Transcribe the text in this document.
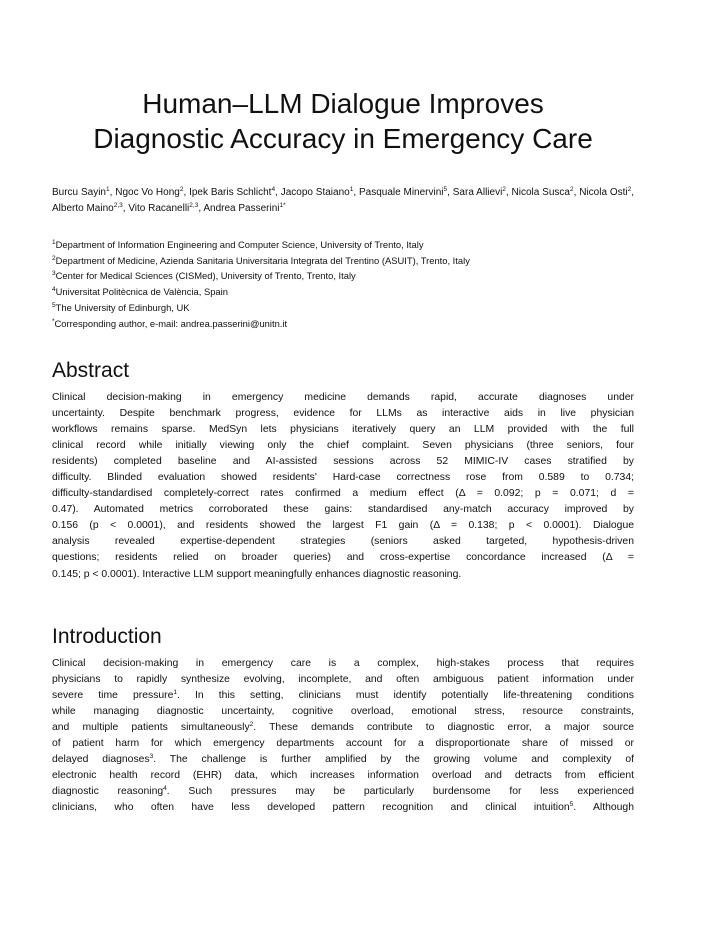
Human–LLM Dialogue Improves
Diagnostic Accuracy in Emergency Care
Burcu Sayin$^1$, Ngoc Vo Hong$^2$, Ipek Baris Schlicht$^4$, Jacopo Staiano$^1$, Pasquale Minervini$^5$, Sara Allievi$^2$, Nicola Susca$^2$, Nicola Osti$^2$, Alberto Maino$^{2,3}$, Vito Racanelli$^{2,3}$, Andrea Passerini$^{1*}$
$^1$Department of Information Engineering and Computer Science, University of Trento, Italy
$^2$Department of Medicine, Azienda Sanitaria Universitaria Integrata del Trentino (ASUIT), Trento, Italy
$^3$Center for Medical Sciences (CISMed), University of Trento, Trento, Italy
$^4$Universitat Politècnica de València, Spain
$^5$The University of Edinburgh, UK
*Corresponding author, e-mail: andrea.passerini@unitn.it
Abstract
Clinical decision-making in emergency medicine demands rapid, accurate diagnoses under
uncertainty. Despite benchmark progress, evidence for LLMs as interactive aids in live physician
workflows remains sparse. MedSyn lets physicians iteratively query an LLM provided with the full
clinical record while initially viewing only the chief complaint. Seven physicians (three seniors, four
residents) completed baseline and AI-assisted sessions across 52 MIMIC-IV cases stratified by
difficulty. Blinded evaluation showed residents' Hard-case correctness rose from 0.589 to 0.734;
difficulty-standardised completely-correct rates confirmed a medium effect (Δ = 0.092; p = 0.071; d =
0.47). Automated metrics corroborated these gains: standardised any-match accuracy improved by
0.156 (p < 0.0001), and residents showed the largest F1 gain (Δ = 0.138; p < 0.0001). Dialogue
analysis revealed expertise-dependent strategies (seniors asked targeted, hypothesis-driven
questions; residents relied on broader queries) and cross-expertise concordance increased (Δ =
0.145; p < 0.0001). Interactive LLM support meaningfully enhances diagnostic reasoning.
Introduction
Clinical decision-making in emergency care is a complex, high-stakes process that requires
physicians to rapidly synthesize evolving, incomplete, and often ambiguous patient information under
severe time pressure$^1$. In this setting, clinicians must identify potentially life-threatening conditions
while managing diagnostic uncertainty, cognitive overload, emotional stress, resource constraints,
and multiple patients simultaneously$^2$. These demands contribute to diagnostic error, a major source
of patient harm for which emergency departments account for a disproportionate share of missed or
delayed diagnoses$^3$. The challenge is further amplified by the growing volume and complexity of
electronic health record (EHR) data, which increases information overload and detracts from efficient
diagnostic reasoning$^4$. Such pressures may be particularly burdensome for less experienced
clinicians, who often have less developed pattern recognition and clinical intuition$^5$. Although
